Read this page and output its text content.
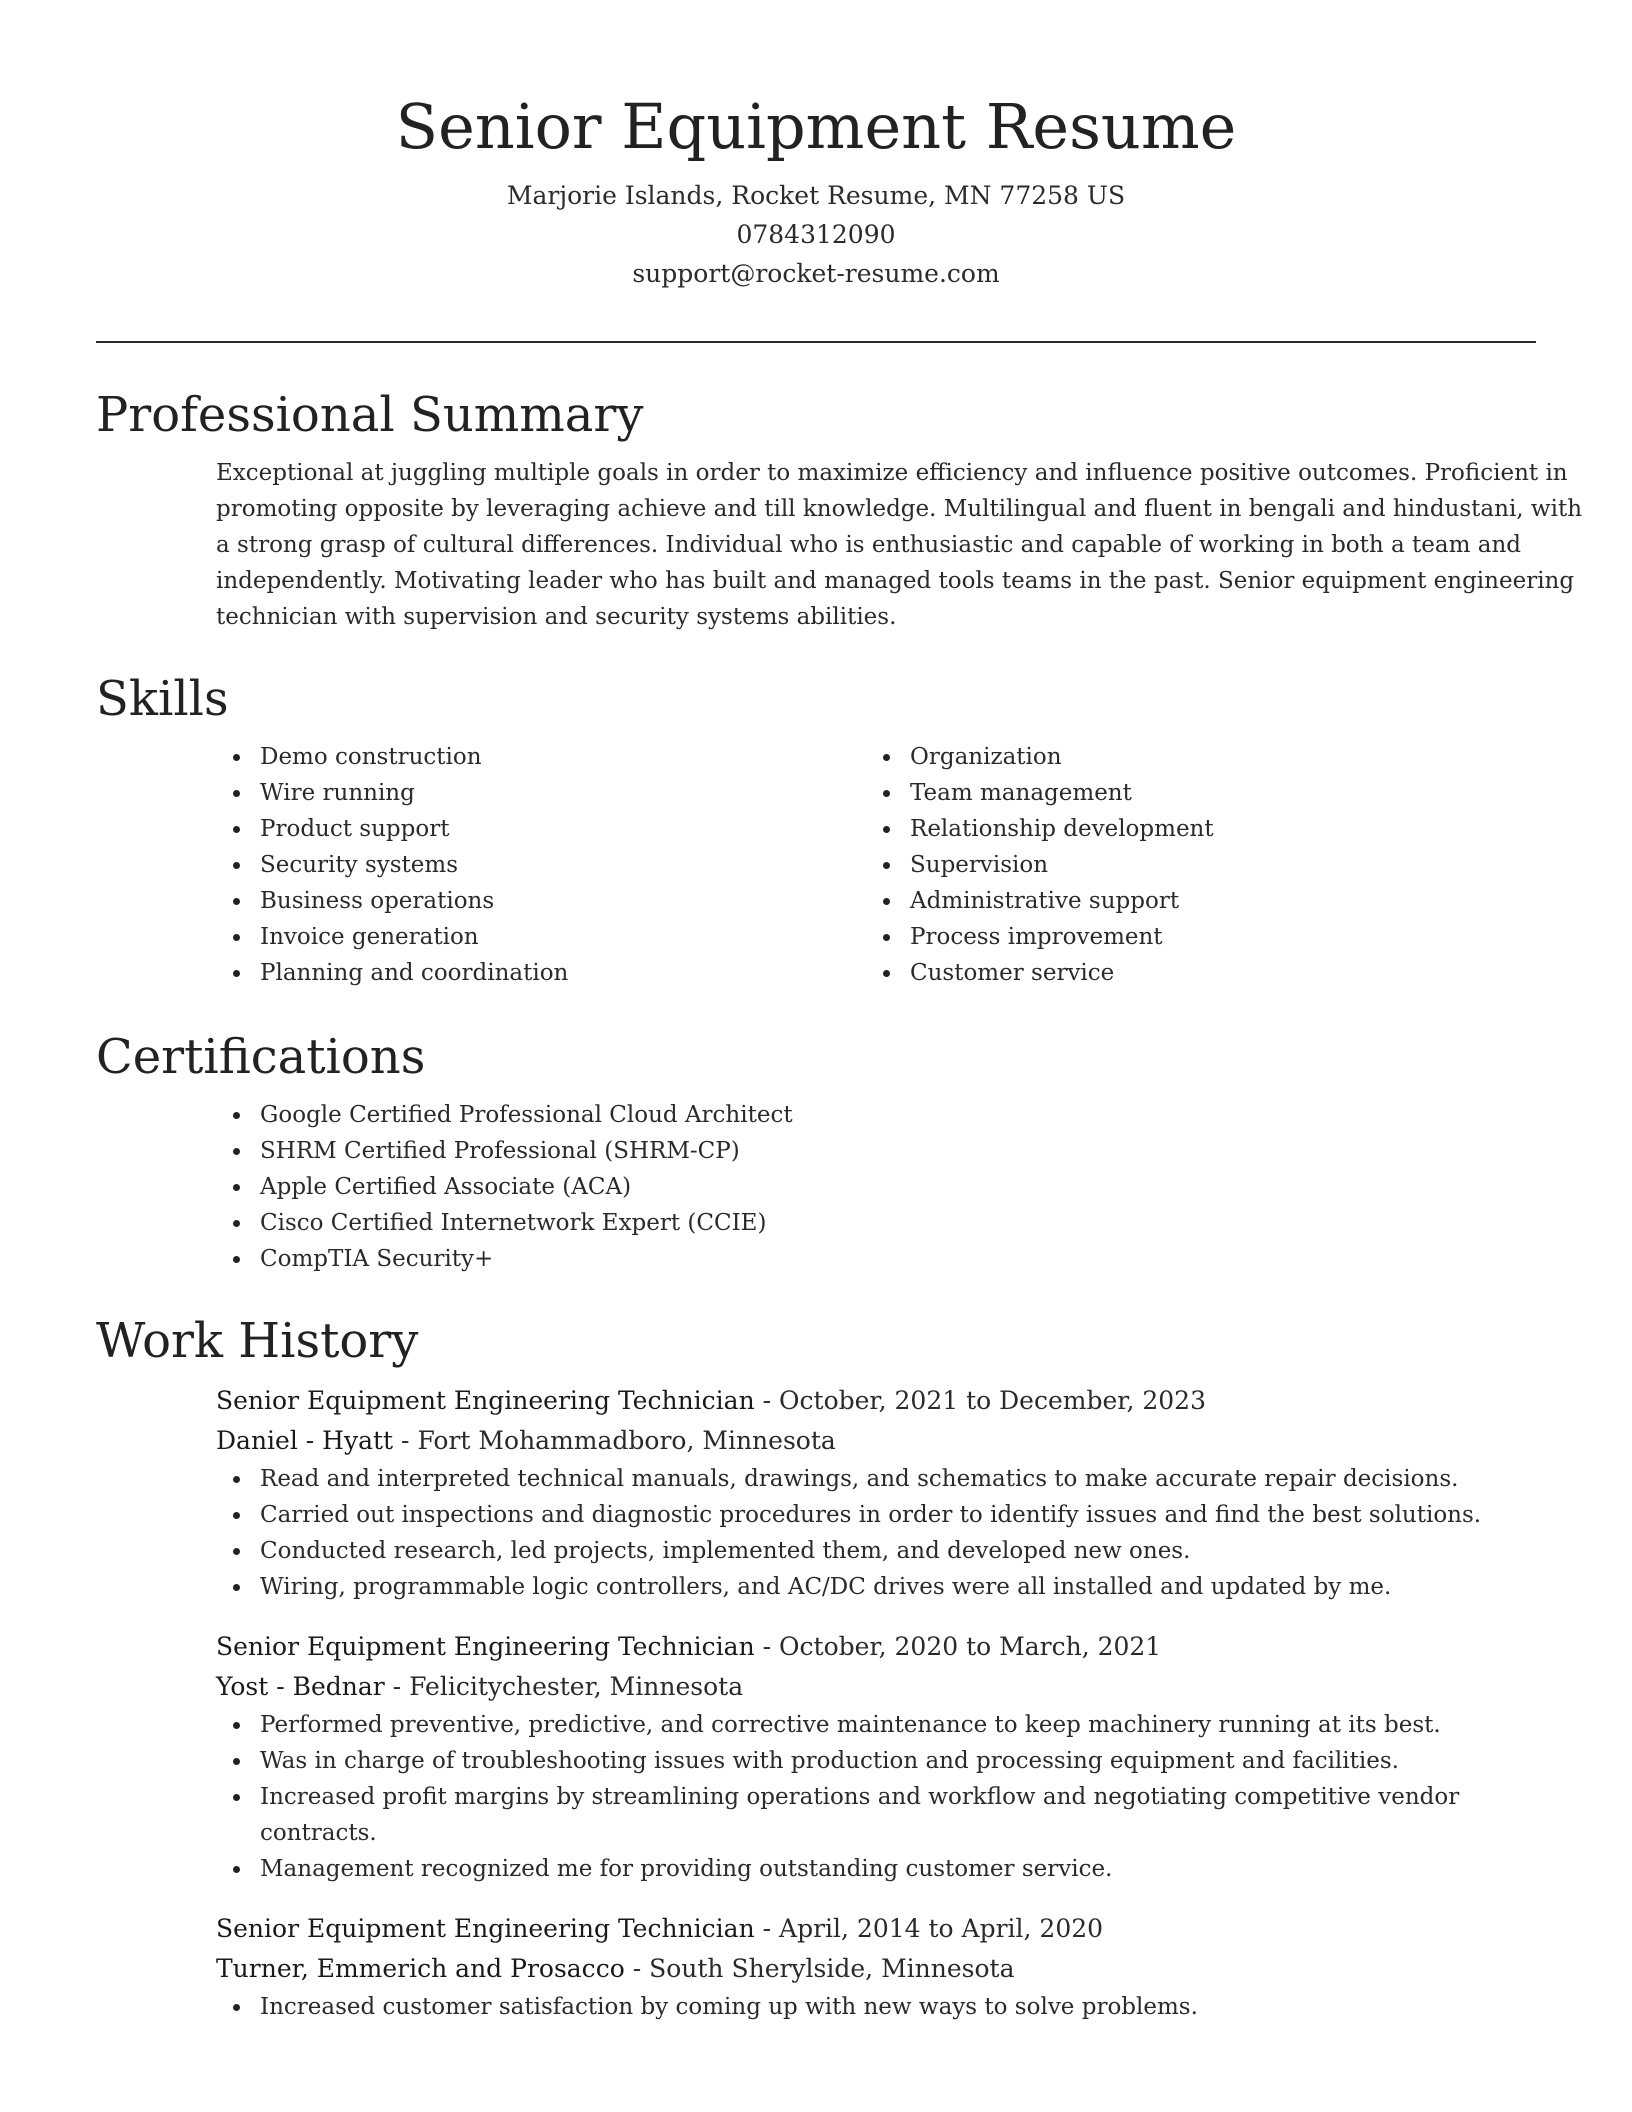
Senior Equipment Resume

Marjorie Islands, Rocket Resume, MN 77258 US

0784312090

support@rocket-resume.com

Professional Summary

Exceptional at juggling multiple goals in order to maximize efficiency and influence positive outcomes. Proficient in promoting opposite by leveraging achieve and till knowledge. Multilingual and fluent in bengali and hindustani, with a strong grasp of cultural differences. Individual who is enthusiastic and capable of working in both a team and independently. Motivating leader who has built and managed tools teams in the past. Senior equipment engineering technician with supervision and security systems abilities.

Skills
Demo construction
Wire running
Product support
Security systems
Business operations
Invoice generation
Planning and coordination
Organization
Team management
Relationship development
Supervision
Administrative support
Process improvement
Customer service
Certifications
Google Certified Professional Cloud Architect
SHRM Certified Professional (SHRM-CP)
Apple Certified Associate (ACA)
Cisco Certified Internetwork Expert (CCIE)
CompTIA Security+
Work History
Senior Equipment Engineering Technician - October, 2021 to December, 2023
Daniel - Hyatt - Fort Mohammadboro, Minnesota
Read and interpreted technical manuals, drawings, and schematics to make accurate repair decisions.
Carried out inspections and diagnostic procedures in order to identify issues and find the best solutions.
Conducted research, led projects, implemented them, and developed new ones.
Wiring, programmable logic controllers, and AC/DC drives were all installed and updated by me.
Senior Equipment Engineering Technician - October, 2020 to March, 2021
Yost - Bednar - Felicitychester, Minnesota
Performed preventive, predictive, and corrective maintenance to keep machinery running at its best.
Was in charge of troubleshooting issues with production and processing equipment and facilities.
Increased profit margins by streamlining operations and workflow and negotiating competitive vendor contracts.
Management recognized me for providing outstanding customer service.
Senior Equipment Engineering Technician - April, 2014 to April, 2020
Turner, Emmerich and Prosacco - South Sherylside, Minnesota
Increased customer satisfaction by coming up with new ways to solve problems.
